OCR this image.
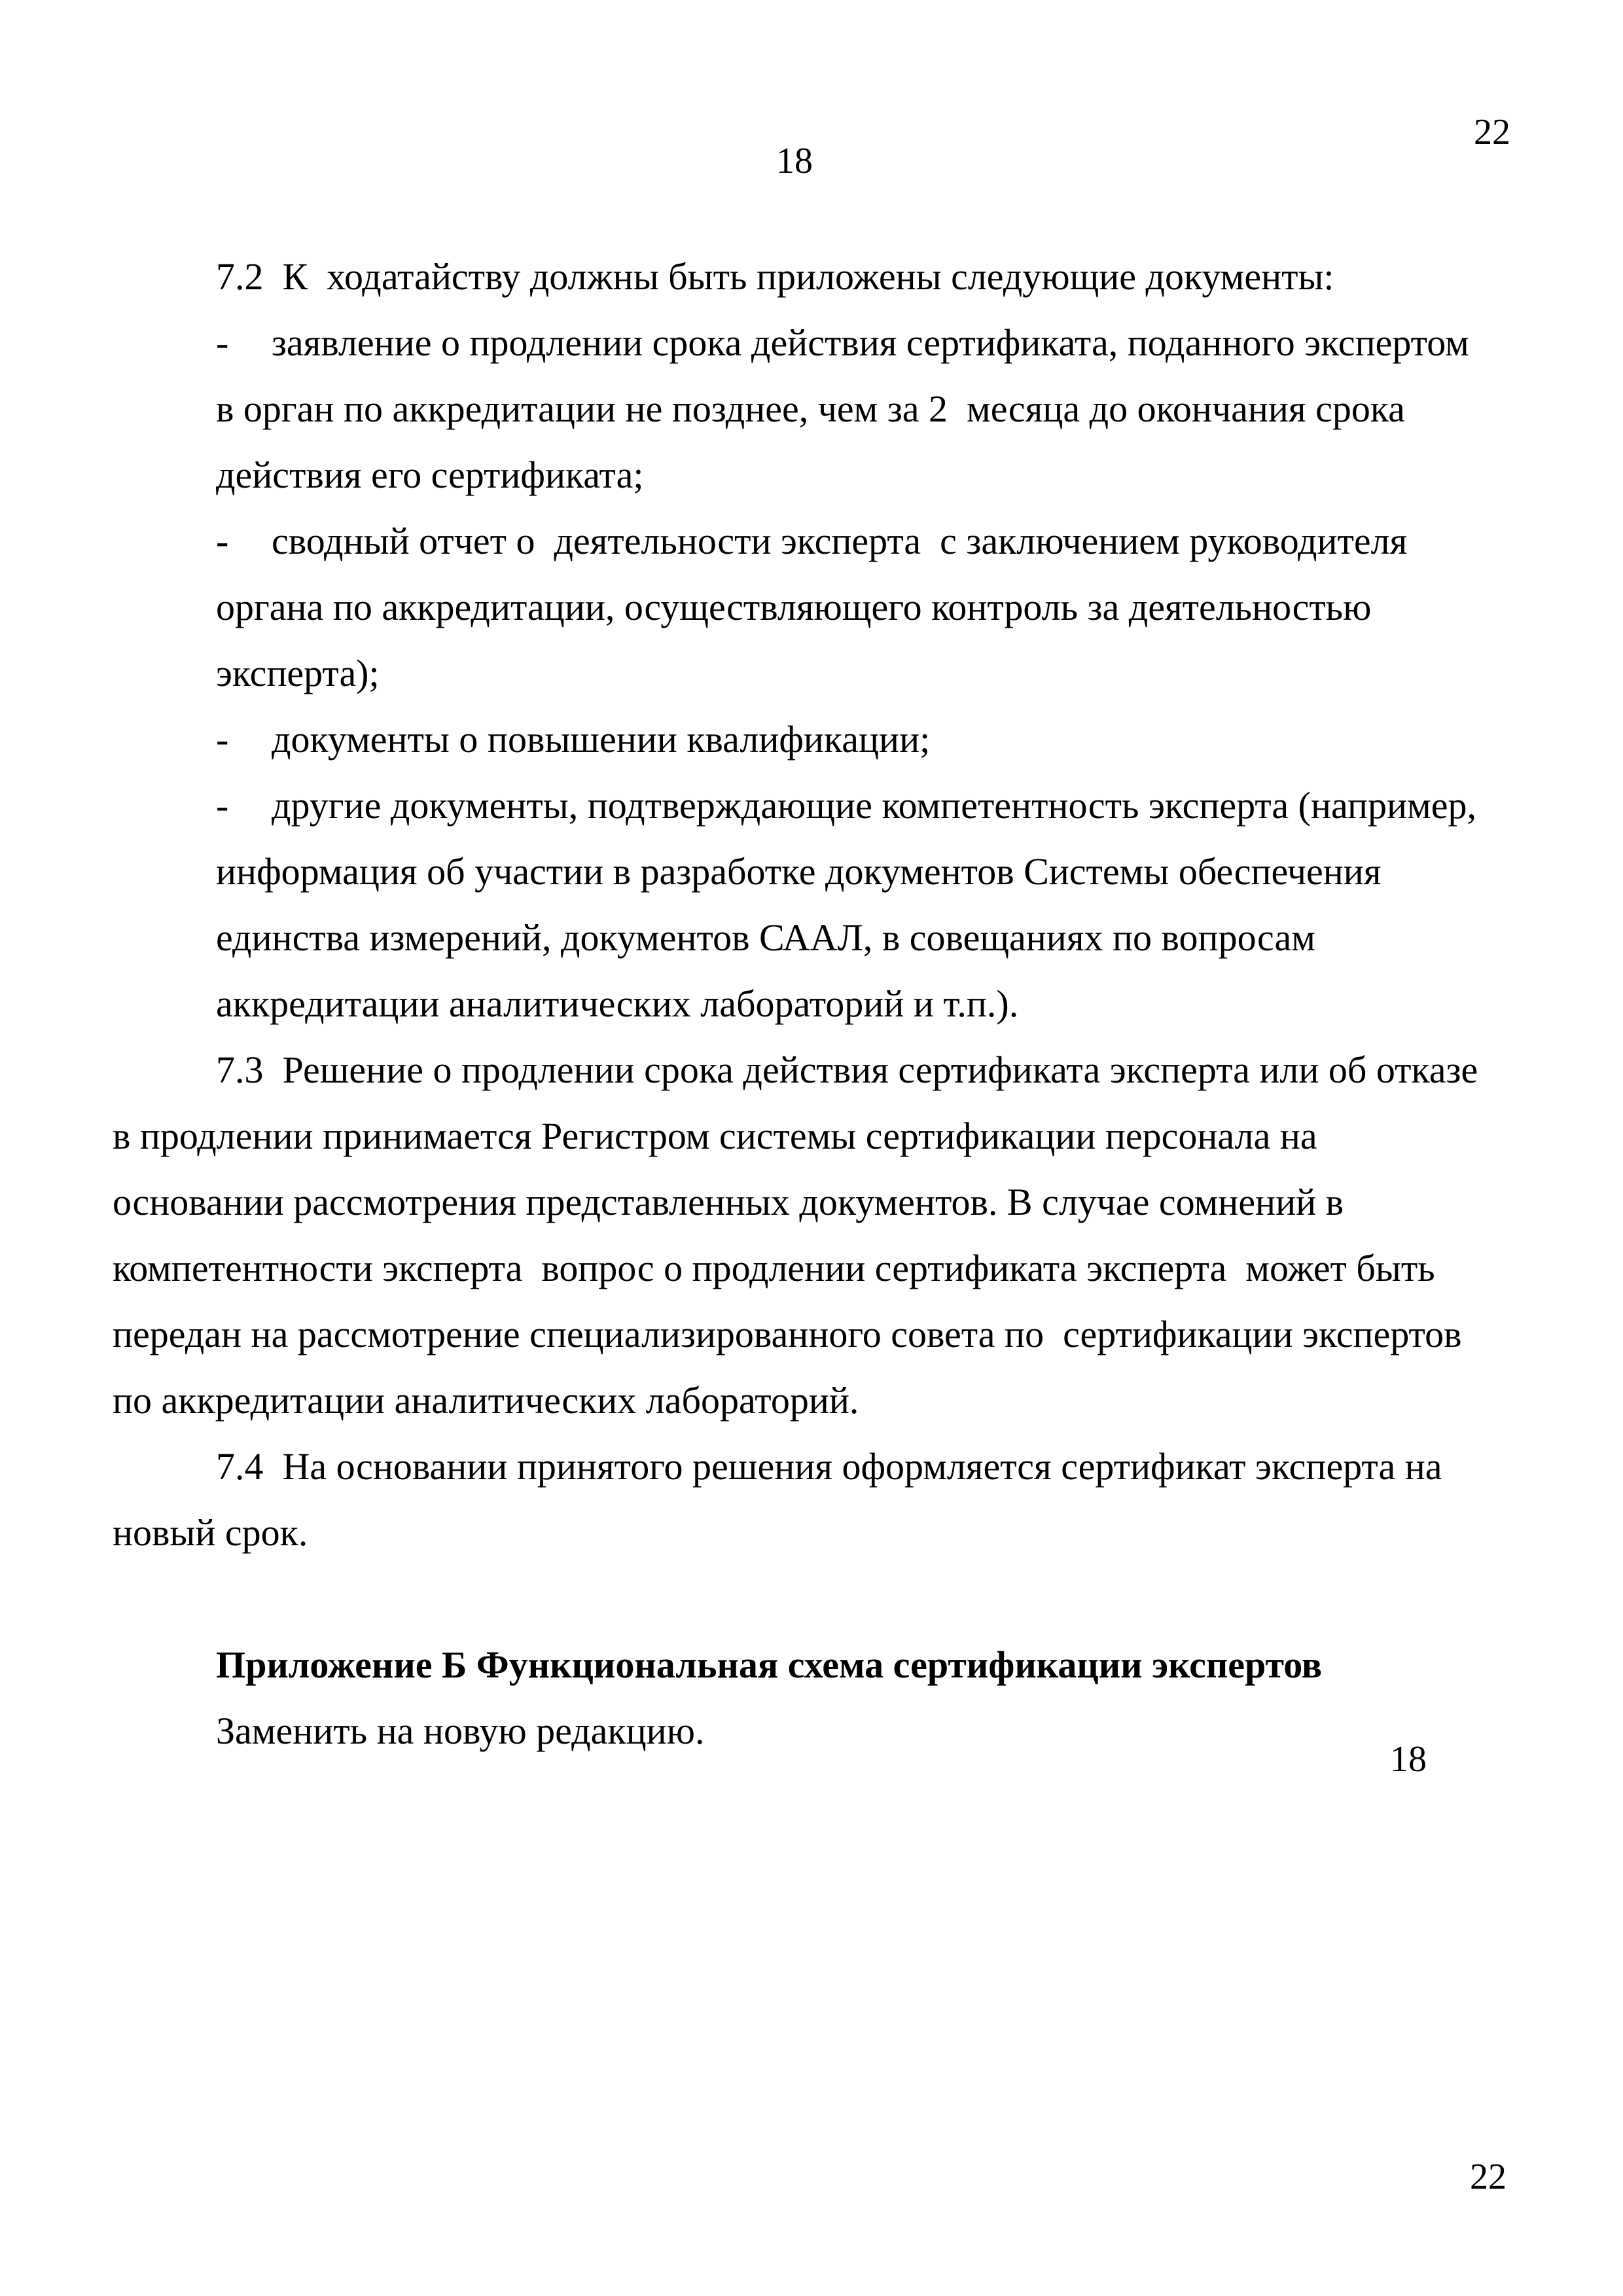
22
18
7.2  К  ходатайству должны быть приложены следующие документы:
- заявление о продлении срока действия сертификата, поданного экспертом
в орган по аккредитации не позднее, чем за 2  месяца до окончания срока
действия его сертификата;
- сводный отчет о  деятельности эксперта  с заключением руководителя
органа по аккредитации, осуществляющего контроль за деятельностью
эксперта);
- документы о повышении квалификации;
- другие документы, подтверждающие компетентность эксперта (например,
информация об участии в разработке документов Системы обеспечения
единства измерений, документов СААЛ, в совещаниях по вопросам
аккредитации аналитических лабораторий и т.п.).
7.3  Решение о продлении срока действия сертификата эксперта или об отказе
в продлении принимается Регистром системы сертификации персонала на
основании рассмотрения представленных документов. В случае сомнений в
компетентности эксперта  вопрос о продлении сертификата эксперта  может быть
передан на рассмотрение специализированного совета по  сертификации экспертов
по аккредитации аналитических лабораторий.
7.4  На основании принятого решения оформляется сертификат эксперта на
новый срок.
Приложение Б Функциональная схема сертификации экспертов
Заменить на новую редакцию.
18
22
